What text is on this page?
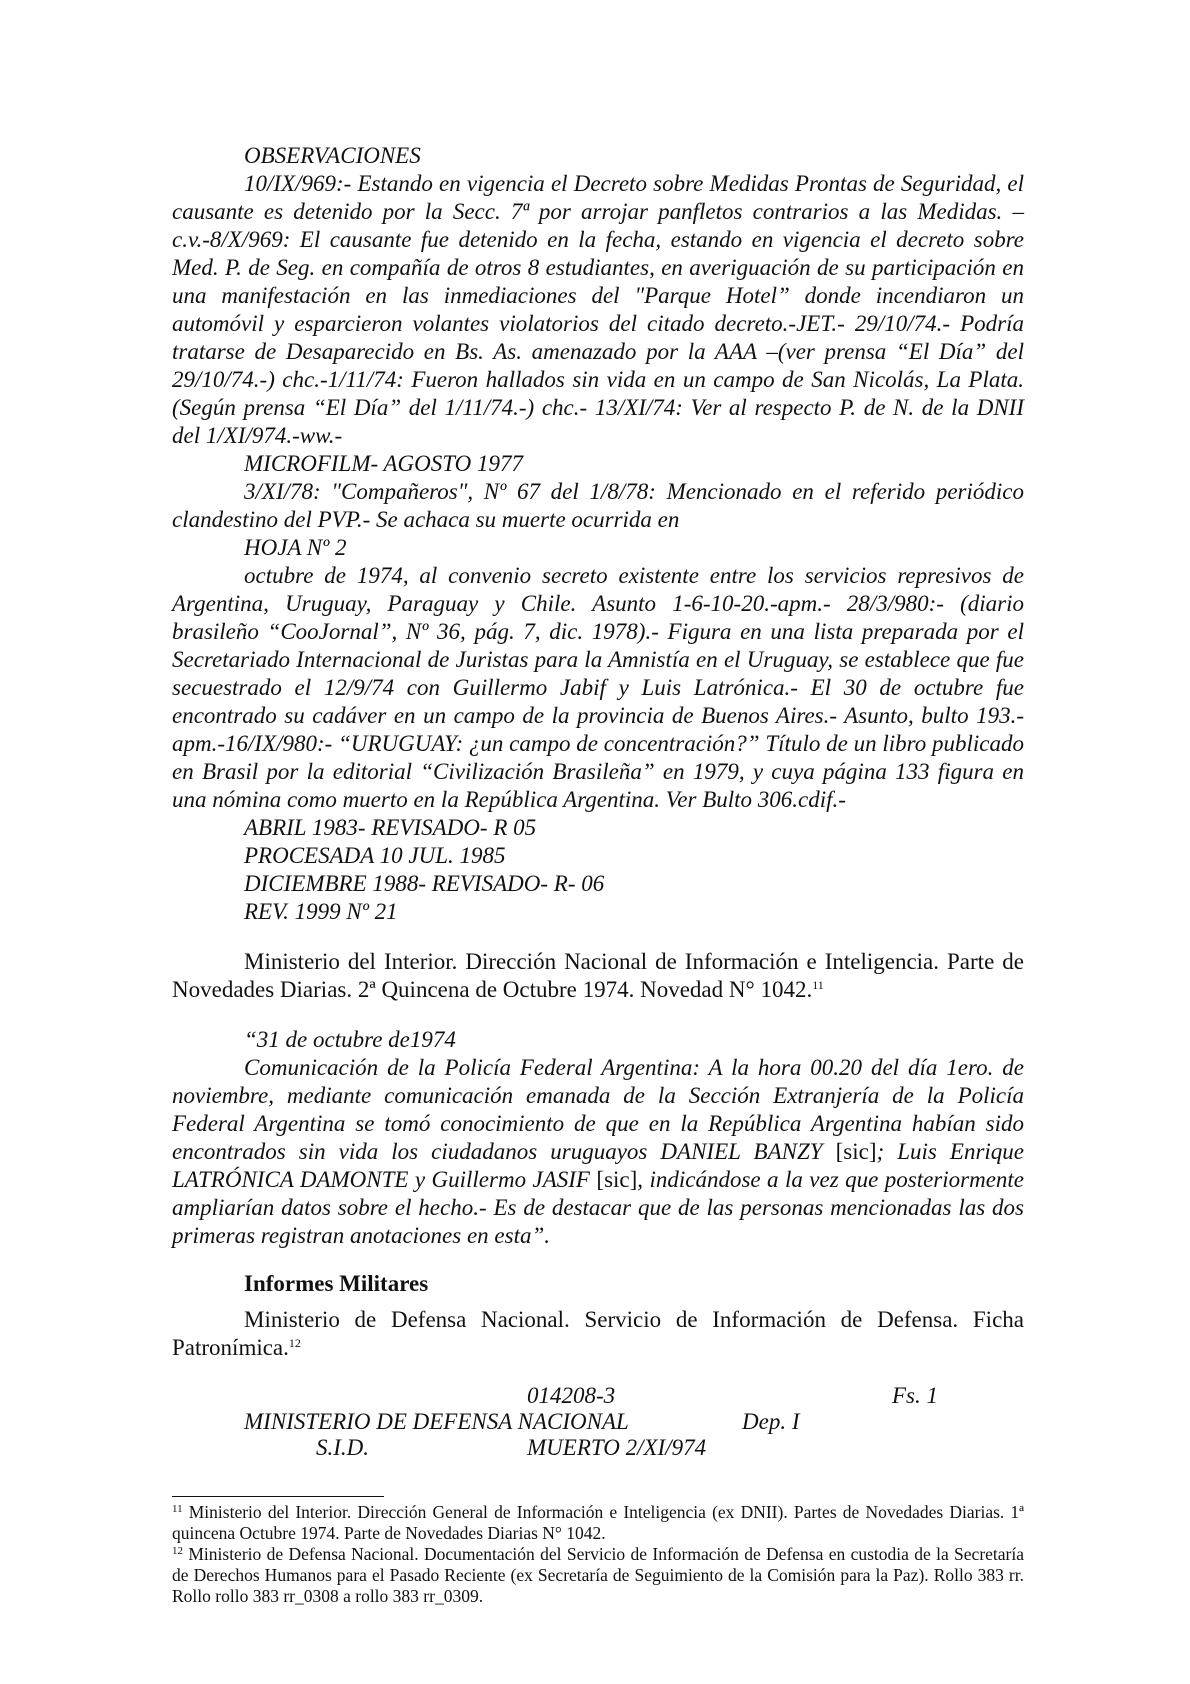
OBSERVACIONES

10/IX/969:- Estando en vigencia el Decreto sobre Medidas Prontas de Seguridad, el causante es detenido por la Secc. 7ª por arrojar panfletos contrarios a las Medidas. –c.v.-8/X/969: El causante fue detenido en la fecha, estando en vigencia el decreto sobre Med. P. de Seg. en compañía de otros 8 estudiantes, en averiguación de su participación en una manifestación en las inmediaciones del "Parque Hotel” donde incendiaron un automóvil y esparcieron volantes violatorios del citado decreto.-JET.- 29/10/74.- Podría tratarse de Desaparecido en Bs. As. amenazado por la AAA –(ver prensa “El Día” del 29/10/74.-) chc.-1/11/74: Fueron hallados sin vida en un campo de San Nicolás, La Plata. (Según prensa “El Día” del 1/11/74.-) chc.- 13/XI/74: Ver al respecto P. de N. de la DNII del 1/XI/974.-ww.-

MICROFILM- AGOSTO 1977

3/XI/78: "Compañeros", Nº 67 del 1/8/78: Mencionado en el referido periódico clandestino del PVP.- Se achaca su muerte ocurrida en

HOJA Nº 2

octubre de 1974, al convenio secreto existente entre los servicios represivos de Argentina, Uruguay, Paraguay y Chile. Asunto 1-6-10-20.-apm.- 28/3/980:- (diario brasileño “CooJornal”, Nº 36, pág. 7, dic. 1978).- Figura en una lista preparada por el Secretariado Internacional de Juristas para la Amnistía en el Uruguay, se establece que fue secuestrado el 12/9/74 con Guillermo Jabif y Luis Latrónica.- El 30 de octubre fue encontrado su cadáver en un campo de la provincia de Buenos Aires.- Asunto, bulto 193.- apm.-16/IX/980:- “URUGUAY: ¿un campo de concentración?” Título de un libro publicado en Brasil por la editorial “Civilización Brasileña” en 1979, y cuya página 133 figura en una nómina como muerto en la República Argentina. Ver Bulto 306.cdif.-

ABRIL 1983- REVISADO- R 05

PROCESADA 10 JUL. 1985

DICIEMBRE 1988- REVISADO- R- 06

REV. 1999 Nº 21

Ministerio del Interior. Dirección Nacional de Información e Inteligencia. Parte de Novedades Diarias. 2ª Quincena de Octubre 1974. Novedad N° 1042.11

“31 de octubre de1974

Comunicación de la Policía Federal Argentina: A la hora 00.20 del día 1ero. de noviembre, mediante comunicación emanada de la Sección Extranjería de la Policía Federal Argentina se tomó conocimiento de que en la República Argentina habían sido encontrados sin vida los ciudadanos uruguayos DANIEL BANZY [sic]; Luis Enrique LATRÓNICA DAMONTE y Guillermo JASIF [sic], indicándose a la vez que posteriormente ampliarían datos sobre el hecho.- Es de destacar que de las personas mencionadas las dos primeras registran anotaciones en esta”.

Informes Militares

Ministerio de Defensa Nacional. Servicio de Información de Defensa. Ficha Patronímica.$^{12}$

014208-3	Fs. 1
MINISTERIO DE DEFENSA NACIONAL	Dep. I
S.I.D.	MUERTO 2/XI/974

$^{11}$ Ministerio del Interior. Dirección General de Información e Inteligencia (ex DNII). Partes de Novedades Diarias. 1ª quincena Octubre 1974. Parte de Novedades Diarias N° 1042.

$^{12}$ Ministerio de Defensa Nacional. Documentación del Servicio de Información de Defensa en custodia de la Secretaría de Derechos Humanos para el Pasado Reciente (ex Secretaría de Seguimiento de la Comisión para la Paz). Rollo 383 rr. Rollo rollo 383 rr_0308 a rollo 383 rr_0309.
